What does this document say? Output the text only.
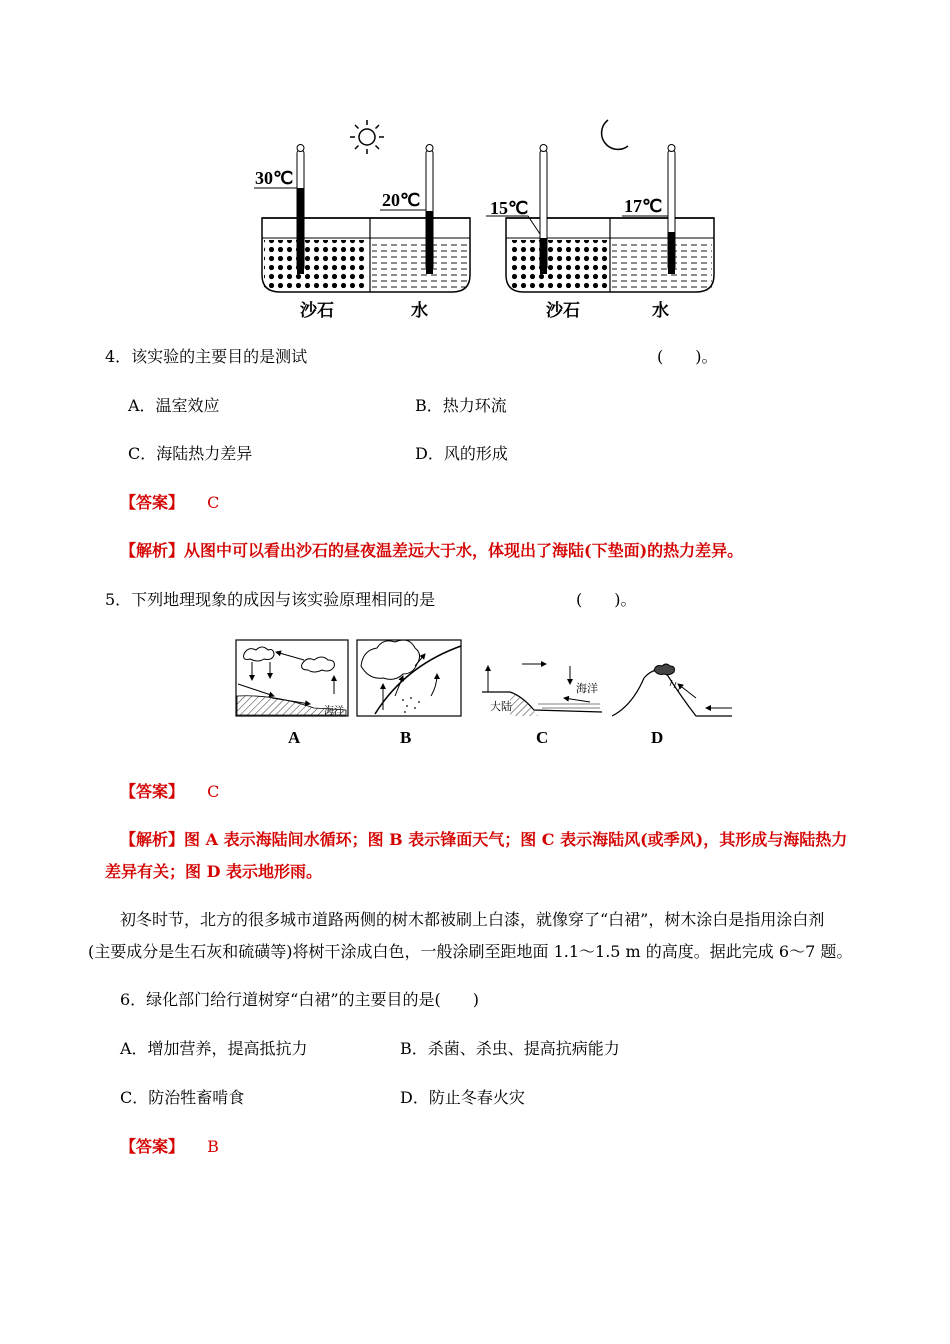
30℃
20℃	15℃	17℃
沙石	水	沙石	水
4．该实验的主要目的是测试	(　　)。
A．温室效应	B．热力环流
C．海陆热力差异	D．风的形成
【答案】 C
【解析】从图中可以看出沙石的昼夜温差远大于水，体现出了海陆(下垫面)的热力差异。
5．下列地理现象的成因与该实验原理相同的是	(　　)。
海洋
海洋
大陆
A	B	C	D
【答案】 C
【解析】图 A 表示海陆间水循环；图 B 表示锋面天气；图 C 表示海陆风(或季风)，其形成与海陆热力
差异有关；图 D 表示地形雨。
初冬时节，北方的很多城市道路两侧的树木都被刷上白漆，就像穿了“白裙”，树木涂白是指用涂白剂
(主要成分是生石灰和硫磺等)将树干涂成白色，一般涂刷至距地面 1.1～1.5 m 的高度。据此完成 6～7 题。
6．绿化部门给行道树穿“白裙”的主要目的是(　　)
A．增加营养，提高抵抗力	B．杀菌、杀虫、提高抗病能力
C．防治牲畜啃食	D．防止冬春火灾
【答案】 B
